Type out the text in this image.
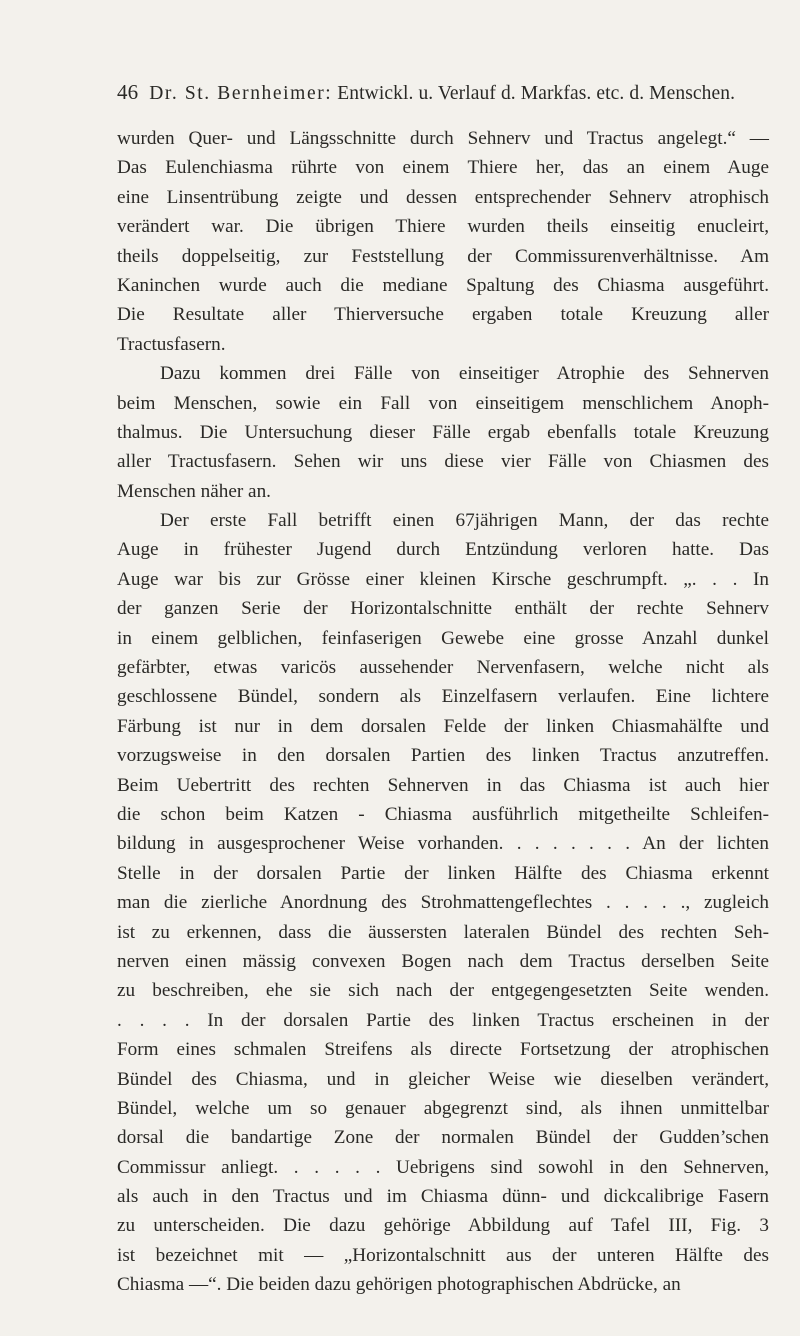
46 Dr. St. Bernheimer: Entwickl. u. Verlauf d. Markfas. etc. d. Menschen.
wurden Quer- und Längsschnitte durch Sehnerv und Tractus angelegt.“ —
Das Eulenchiasma rührte von einem Thiere her, das an einem Auge
eine Linsentrübung zeigte und dessen entsprechender Sehnerv atrophisch
verändert war. Die übrigen Thiere wurden theils einseitig enucleirt,
theils doppelseitig, zur Feststellung der Commissurenverhältnisse. Am
Kaninchen wurde auch die mediane Spaltung des Chiasma ausgeführt.
Die Resultate aller Thierversuche ergaben totale Kreuzung aller
Tractusfasern.
Dazu kommen drei Fälle von einseitiger Atrophie des Sehnerven
beim Menschen, sowie ein Fall von einseitigem menschlichem Anoph-
thalmus. Die Untersuchung dieser Fälle ergab ebenfalls totale Kreuzung
aller Tractusfasern. Sehen wir uns diese vier Fälle von Chiasmen des
Menschen näher an.
Der erste Fall betrifft einen 67jährigen Mann, der das rechte
Auge in frühester Jugend durch Entzündung verloren hatte. Das
Auge war bis zur Grösse einer kleinen Kirsche geschrumpft. „. . . In
der ganzen Serie der Horizontalschnitte enthält der rechte Sehnerv
in einem gelblichen, feinfaserigen Gewebe eine grosse Anzahl dunkel
gefärbter, etwas varicös aussehender Nervenfasern, welche nicht als
geschlossene Bündel, sondern als Einzelfasern verlaufen. Eine lichtere
Färbung ist nur in dem dorsalen Felde der linken Chiasmahälfte und
vorzugsweise in den dorsalen Partien des linken Tractus anzutreffen.
Beim Uebertritt des rechten Sehnerven in das Chiasma ist auch hier
die schon beim Katzen - Chiasma ausführlich mitgetheilte Schleifen-
bildung in ausgesprochener Weise vorhanden. . . . . . . . An der lichten
Stelle in der dorsalen Partie der linken Hälfte des Chiasma erkennt
man die zierliche Anordnung des Strohmattengeflechtes . . . . ., zugleich
ist zu erkennen, dass die äussersten lateralen Bündel des rechten Seh-
nerven einen mässig convexen Bogen nach dem Tractus derselben Seite
zu beschreiben, ehe sie sich nach der entgegengesetzten Seite wenden.
. . . . In der dorsalen Partie des linken Tractus erscheinen in der
Form eines schmalen Streifens als directe Fortsetzung der atrophischen
Bündel des Chiasma, und in gleicher Weise wie dieselben verändert,
Bündel, welche um so genauer abgegrenzt sind, als ihnen unmittelbar
dorsal die bandartige Zone der normalen Bündel der Gudden’schen
Commissur anliegt. . . . . . Uebrigens sind sowohl in den Sehnerven,
als auch in den Tractus und im Chiasma dünn- und dickcalibrige Fasern
zu unterscheiden. Die dazu gehörige Abbildung auf Tafel III, Fig. 3
ist bezeichnet mit — „Horizontalschnitt aus der unteren Hälfte des
Chiasma —“. Die beiden dazu gehörigen photographischen Abdrücke, an
